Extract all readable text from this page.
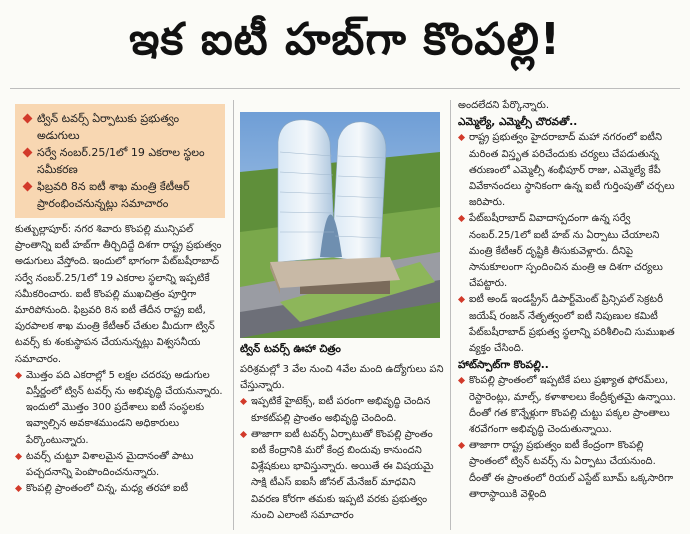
ఇక ఐటీ హబ్‌గా కొంపల్లి!
ట్విన్ టవర్స్ ఏర్పాటుకు ప్రభుత్వం అడుగులు
సర్వే నంబర్.25/1లో 19 ఎకరాల స్థలం సమీకరణ
ఫిబ్రవరి 8న ఐటీ శాఖ మంత్రి కేటీఆర్ ప్రారంభించనున్నట్లు సమాచారం

కుత్బుల్లాపూర్: నగర శివారు కొంపల్లి మున్సిపల్ ప్రాంతాన్ని ఐటీ హబ్‌గా తీర్చిదిద్దే దిశగా రాష్ట్ర ప్రభుత్వం అడుగులు వేస్తోంది. ఇందులో భాగంగా పేట్‌బషీరాబాద్ సర్వే నంబర్.25/1లో 19 ఎకరాల స్థలాన్ని ఇప్పటికే సమీకరించారు. ఐటీ కొంపల్లి ముఖచిత్రం పూర్తిగా మారిపోనుంది. ఫిబ్రవరి 8న ఐటీ తేదీన రాష్ట్ర ఐటీ, పురపాలక శాఖ మంత్రి కేటీఆర్ చేతుల మీదుగా ట్విన్ టవర్స్ కు శంకుస్థాపన చేయనున్నట్లు విశ్వసనీయ సమాచారం.

మొత్తం పది ఎకరాల్లో 5 లక్షల చదరపు అడుగుల విస్తీర్ణంలో ట్విన్ టవర్స్ ను అభివృద్ధి చేయనున్నారు. ఇందులో మొత్తం 300 ప్రదేశాలు ఐటీ సంస్థలకు ఇవ్వాల్సిన అవకాశముండని అధికారులు పేర్కొంటున్నారు.

టవర్స్ చుట్టూ విశాలమైన మైదానంతో పాటు పచ్చదనాన్ని పెంపొందించనున్నారు.

కొంపల్లి ప్రాంతంలో చిన్న, మధ్య తరహా ఐటీ

ట్విన్ టవర్స్ ఊహా చిత్రం

పరిశ్రమల్లో 3 వేల నుంచి 4వేల మంది ఉద్యోగులు పని చేస్తున్నారు.

ఇప్పటికే హైటెక్స్, ఐటీ పరంగా అభివృద్ధి చెందిన కూకట్‌పల్లి ప్రాంతం అభివృద్ధి చెందింది.

తాజాగా ఐటీ టవర్స్ ఏర్పాటుతో కొంపల్లి ప్రాంతం ఐటీ కేంద్రానికి మరో కేంద్ర బిందువు కానుందని విశ్లేషకులు భావిస్తున్నారు. అయితే ఈ విషయమై సాక్షి టీఎస్ ఐఐసీ జోనల్ మేనేజర్ మాధవిని వివరణ కోరగా తమకు ఇప్పటి వరకు ప్రభుత్వం నుంచి ఎలాంటి సమాచారం

అందలేదని పేర్కొన్నారు.

ఎమ్మెల్యే, ఎమ్మెల్సీ చొరవతో..

రాష్ట్ర ప్రభుత్వం హైదరాబాద్ మహా నగరంలో ఐటీని మరింత విస్తృత పరిచేందుకు చర్యలు చేపడుతున్న తరుణంలో ఎమ్మెల్సీ శంభీపూర్ రాజు, ఎమ్మెల్యే కేపీ వివేకానందలు స్థానికంగా ఉన్న ఐటీ గుర్తింపుతో చర్చలు జరిపారు.

పేట్‌బషీరాబాద్ వివాదాస్పదంగా ఉన్న సర్వే నంబర్.25/1లో ఐటీ హబ్ ను ఏర్పాటు చేయాలని మంత్రి కేటీఆర్ దృష్టికి తీసుకువెళ్లారు. దీనిపై సానుకూలంగా స్పందించిన మంత్రి ఆ దిశగా చర్యలు చేపట్టారు.

ఐటీ అండ్ ఇండస్ట్రీస్ డిపార్ట్‌మెంట్ ప్రిన్సిపల్ సెక్రటరీ జయేష్ రంజన్ నేతృత్వంలో ఐటీ నిపుణుల కమిటీ పేట్‌బషీరాబాద్ ప్రభుత్వ స్థలాన్ని పరిశీలించి సుముఖత వ్యక్తం చేసింది.

హాట్‌స్పాట్‌గా కొంపల్లి..

కొంపల్లి ప్రాంతంలో ఇప్పటికే పలు ప్రఖ్యాత ఫోరమ్‌లు, రెస్టారెంట్లు, మాల్స్, కళాశాలలు కేంద్రీకృతమై ఉన్నాయి. దీంతో గత కొన్నేళ్లుగా కొంపల్లి చుట్టు పక్కల ప్రాంతాలు శరవేగంగా అభివృద్ధి చెందుతున్నాయి.

తాజాగా రాష్ట్ర ప్రభుత్వం ఐటీ కేంద్రంగా కొంపల్లి ప్రాంతంలో ట్విన్ టవర్స్ ను ఏర్పాటు చేయనుంది. దీంతో ఈ ప్రాంతంలో రియల్ ఎస్టేట్ బూమ్ ఒక్కసారిగా తారాస్థాయికి వెళ్లింది
